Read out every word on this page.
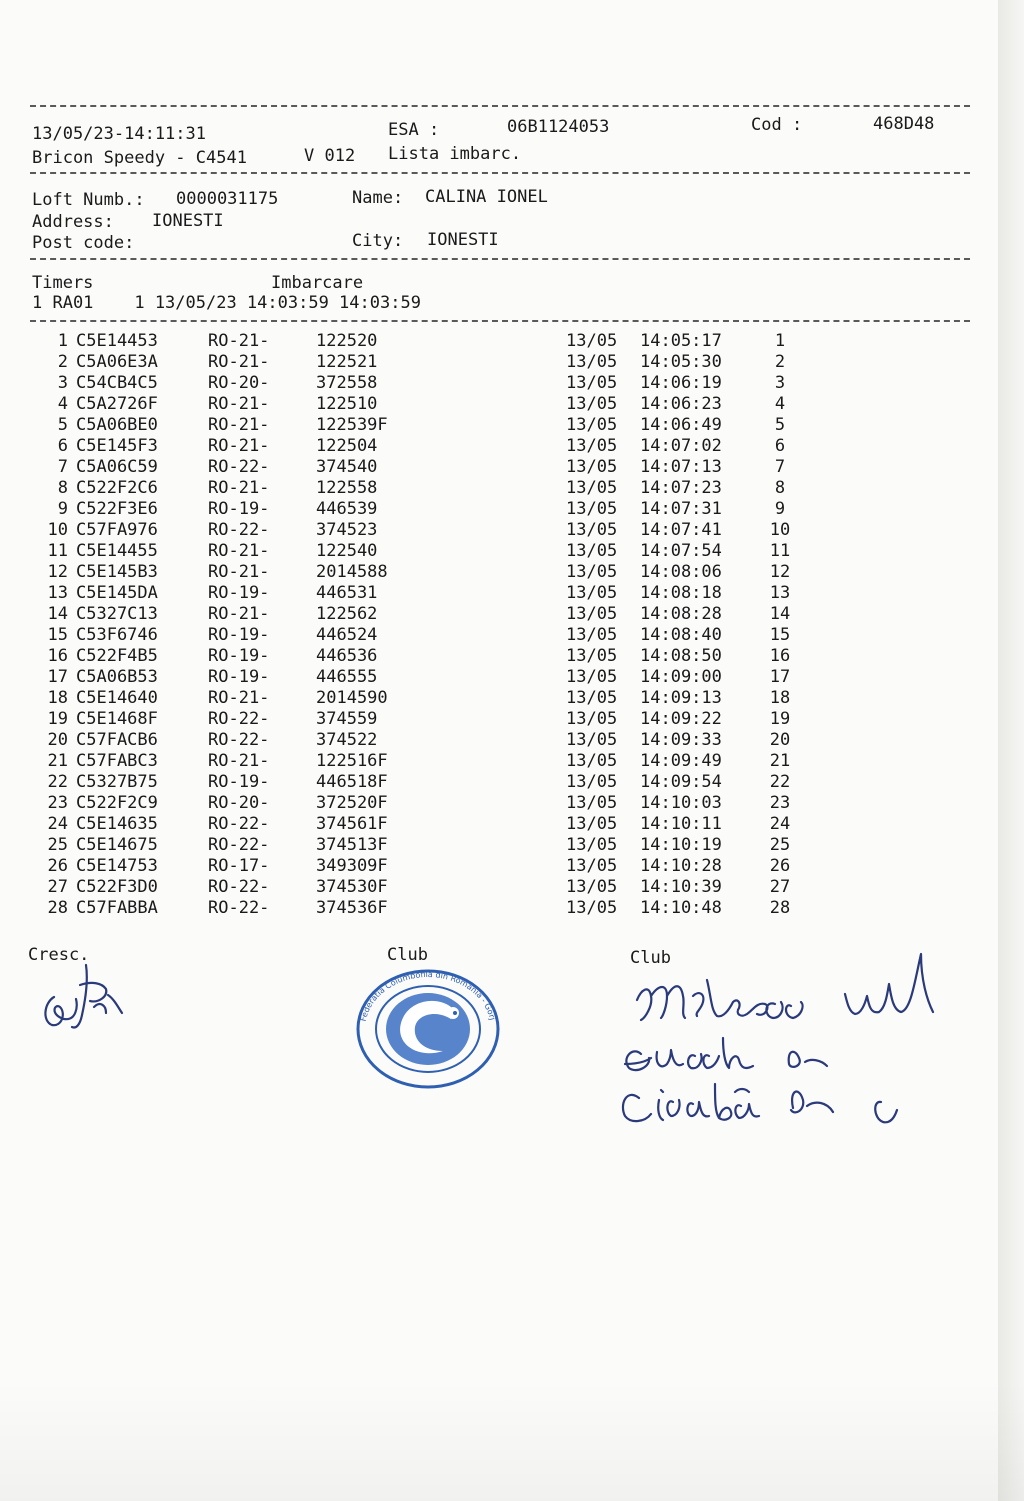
13/05/23-14:11:31	ESA :	06B1124053	Cod :	468D48
Bricon Speedy - C4541	V 012 Lista imbarc.
Loft Numb.: 0000031175	Name: CALINA IONEL
Address: IONESTI
Post code:	City: IONESTI
Timers	Imbarcare
1 RA01    1 13/05/23 14:03:59 14:03:59
1	C5E14453	RO-21-	122520	13/05	14:05:17	1
2	C5A06E3A	RO-21-	122521	13/05	14:05:30	2
3	C54CB4C5	RO-20-	372558	13/05	14:06:19	3
4	C5A2726F	RO-21-	122510	13/05	14:06:23	4
5	C5A06BE0	RO-21-	122539F	13/05	14:06:49	5
6	C5E145F3	RO-21-	122504	13/05	14:07:02	6
7	C5A06C59	RO-22-	374540	13/05	14:07:13	7
8	C522F2C6	RO-21-	122558	13/05	14:07:23	8
9	C522F3E6	RO-19-	446539	13/05	14:07:31	9
10	C57FA976	RO-22-	374523	13/05	14:07:41	10
11	C5E14455	RO-21-	122540	13/05	14:07:54	11
12	C5E145B3	RO-21-	2014588	13/05	14:08:06	12
13	C5E145DA	RO-19-	446531	13/05	14:08:18	13
14	C5327C13	RO-21-	122562	13/05	14:08:28	14
15	C53F6746	RO-19-	446524	13/05	14:08:40	15
16	C522F4B5	RO-19-	446536	13/05	14:08:50	16
17	C5A06B53	RO-19-	446555	13/05	14:09:00	17
18	C5E14640	RO-21-	2014590	13/05	14:09:13	18
19	C5E1468F	RO-22-	374559	13/05	14:09:22	19
20	C57FACB6	RO-22-	374522	13/05	14:09:33	20
21	C57FABC3	RO-21-	122516F	13/05	14:09:49	21
22	C5327B75	RO-19-	446518F	13/05	14:09:54	22
23	C522F2C9	RO-20-	372520F	13/05	14:10:03	23
24	C5E14635	RO-22-	374561F	13/05	14:10:11	24
25	C5E14675	RO-22-	374513F	13/05	14:10:19	25
26	C5E14753	RO-17-	349309F	13/05	14:10:28	26
27	C522F3D0	RO-22-	374530F	13/05	14:10:39	27
28	C57FABBA	RO-22-	374536F	13/05	14:10:48	28
Cresc.	Club	Club
Federatia Columbofila din Romania - Gorj
